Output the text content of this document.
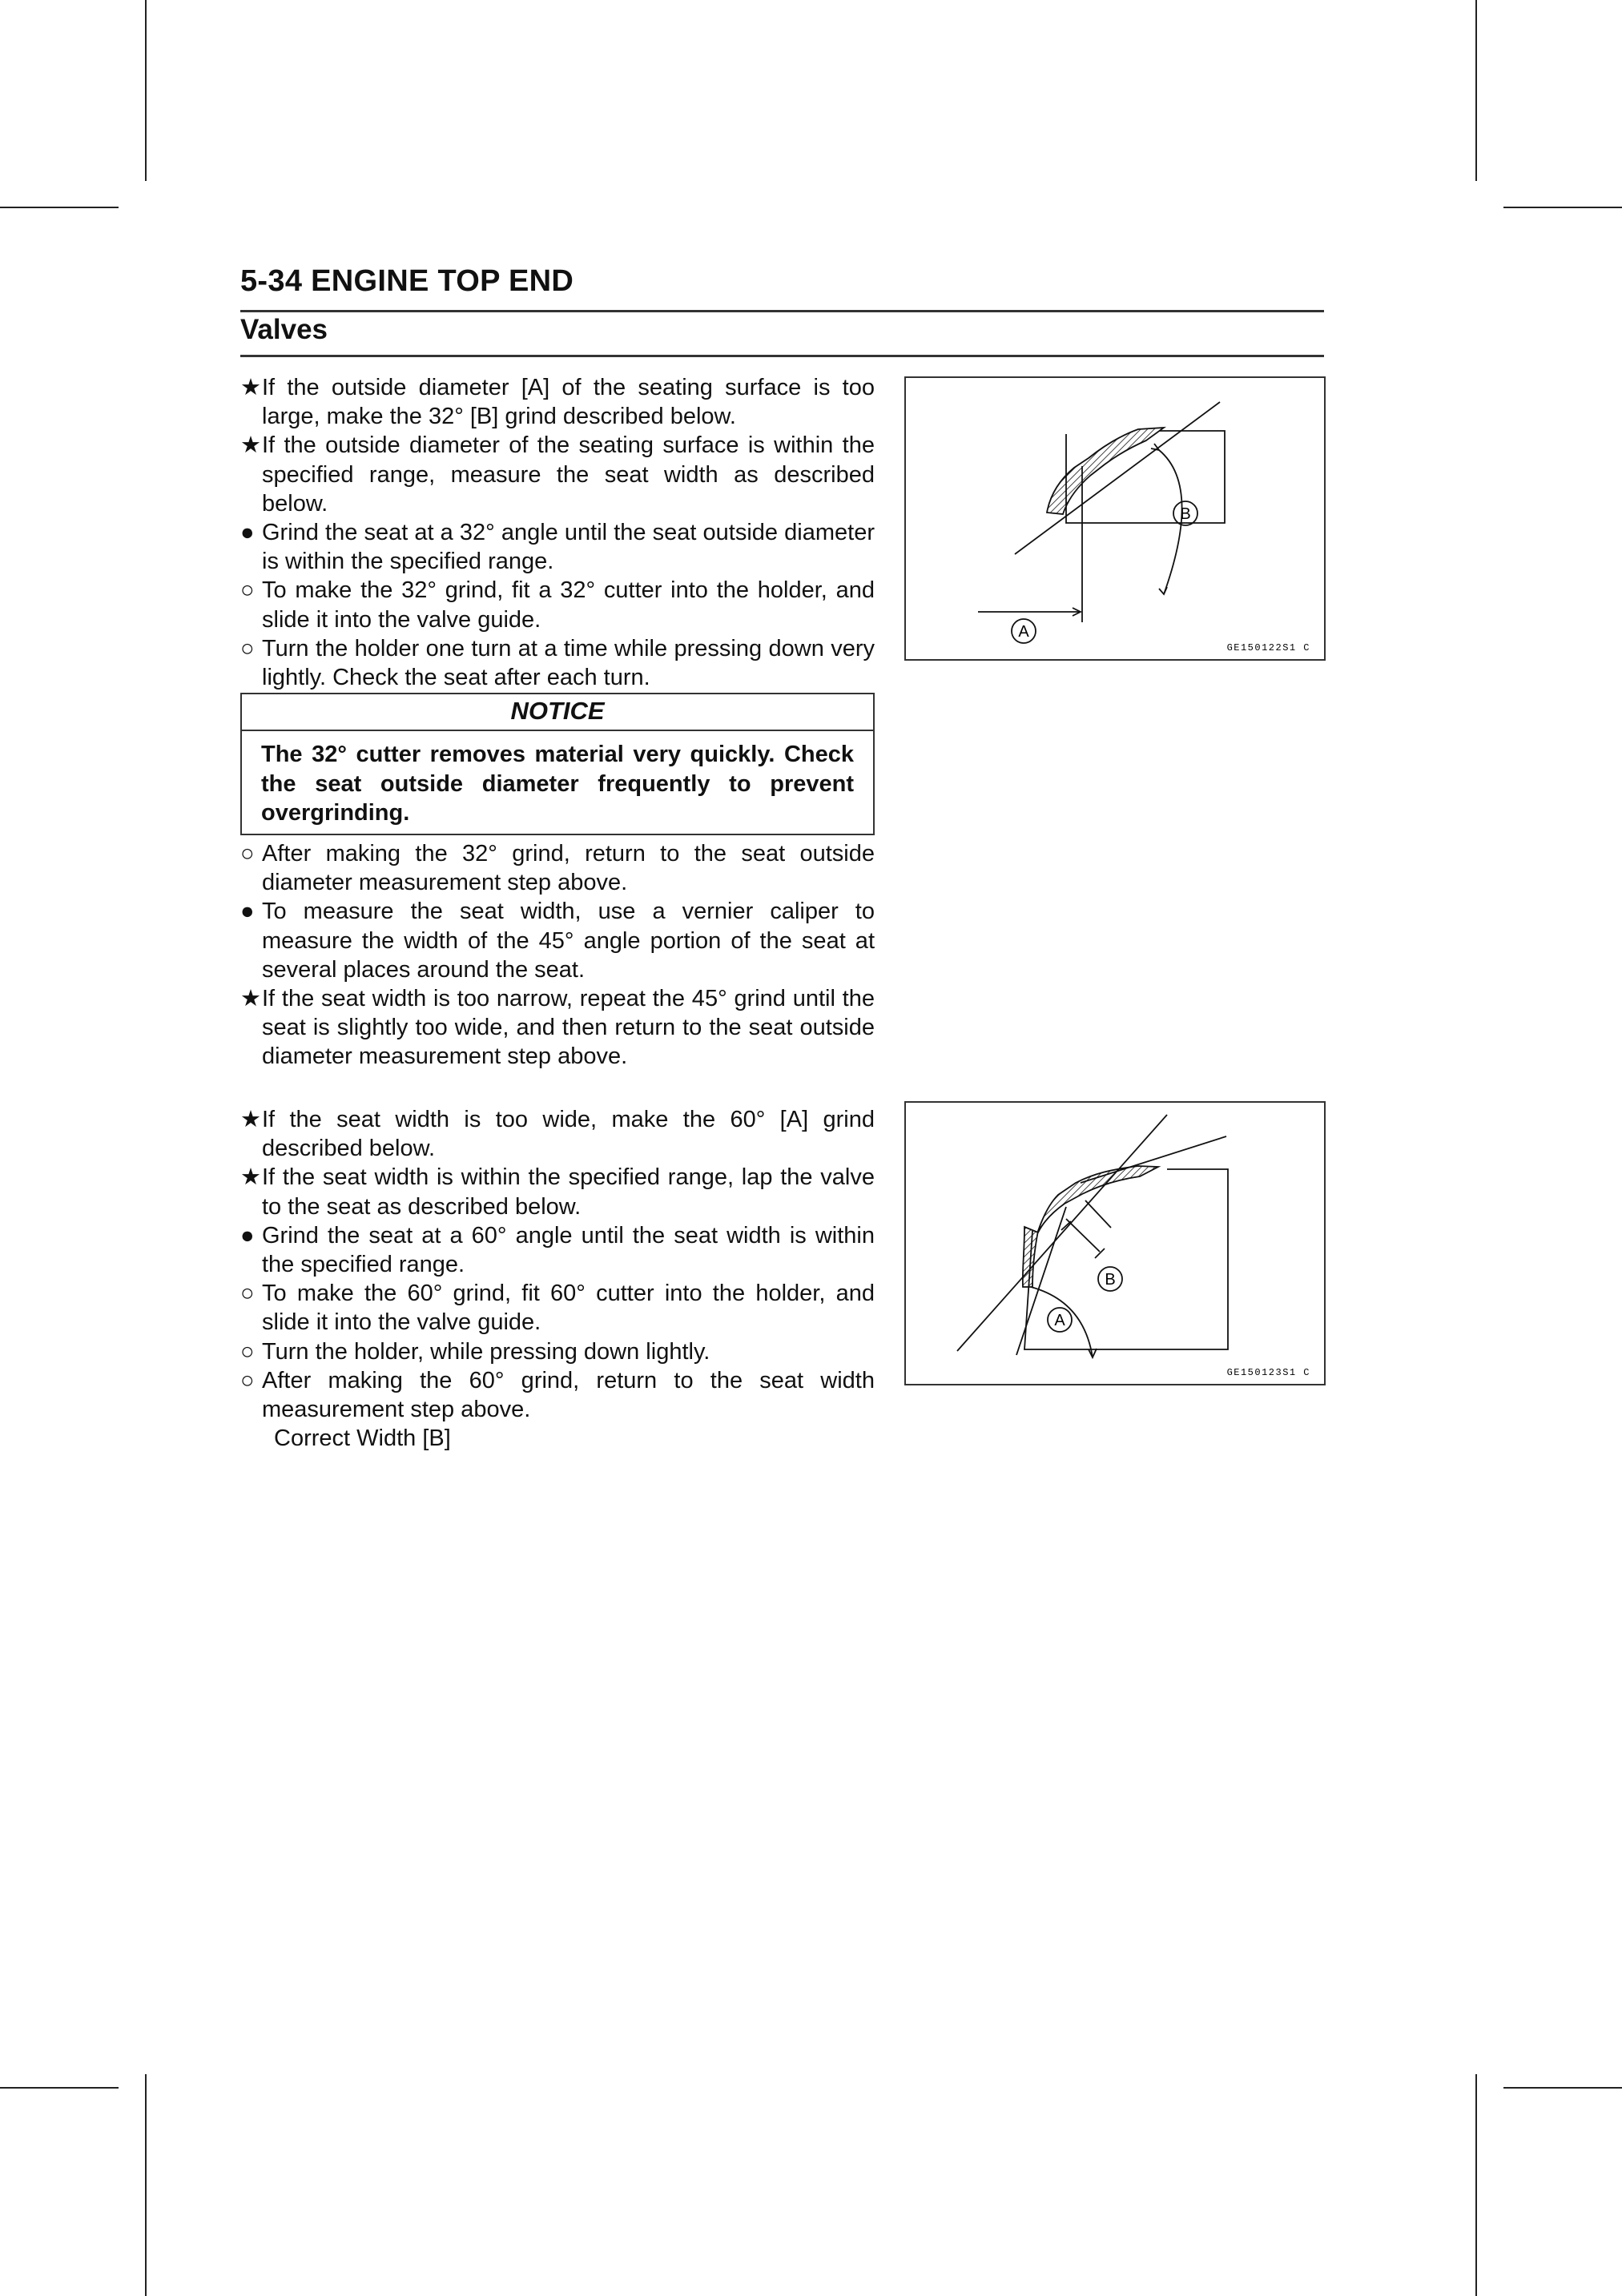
5-34 ENGINE TOP END
Valves
★ If the outside diameter [A] of the seating surface is too large, make the 32° [B] grind described below.
★ If the outside diameter of the seating surface is within the specified range, measure the seat width as described below.
● Grind the seat at a 32° angle until the seat outside diameter is within the specified range.
○ To make the 32° grind, fit a 32° cutter into the holder, and slide it into the valve guide.
○ Turn the holder one turn at a time while pressing down very lightly. Check the seat after each turn.
NOTICE
The 32° cutter removes material very quickly. Check the seat outside diameter frequently to prevent overgrinding.
○ After making the 32° grind, return to the seat outside diameter measurement step above.
● To measure the seat width, use a vernier caliper to measure the width of the 45° angle portion of the seat at several places around the seat.
★ If the seat width is too narrow, repeat the 45° grind until the seat is slightly too wide, and then return to the seat outside diameter measurement step above.
★ If the seat width is too wide, make the 60° [A] grind described below.
★ If the seat width is within the specified range, lap the valve to the seat as described below.
● Grind the seat at a 60° angle until the seat width is within the specified range.
○ To make the 60° grind, fit 60° cutter into the holder, and slide it into the valve guide.
○ Turn the holder, while pressing down lightly.
○ After making the 60° grind, return to the seat width measurement step above.
Correct Width [B]
A
B
GE150122S1 C
A
B
GE150123S1 C
